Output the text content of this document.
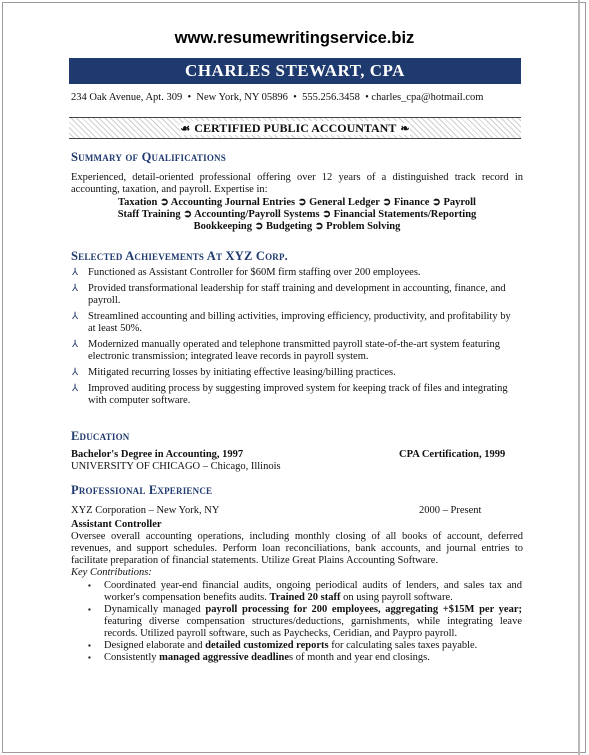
www.resumewritingservice.biz
CHARLES STEWART, CPA
234 Oak Avenue, Apt. 309 • New York, NY 05896 • 555.256.3458 • charles_cpa@hotmail.com
☙ CERTIFIED PUBLIC ACCOUNTANT ❧
Summary of Qualifications
Experienced, detail-oriented professional offering over 12 years of a distinguished track record in accounting, taxation, and payroll. Expertise in:
Taxation ➲ Accounting Journal Entries ➲ General Ledger ➲ Finance ➲ Payroll
Staff Training ➲ Accounting/Payroll Systems ➲ Financial Statements/Reporting
Bookkeeping ➲ Budgeting ➲ Problem Solving
Selected Achievements At XYZ Corp.
⅄ Functioned as Assistant Controller for $60M firm staffing over 200 employees.
⅄ Provided transformational leadership for staff training and development in accounting, finance, and payroll.
⅄ Streamlined accounting and billing activities, improving efficiency, productivity, and profitability by at least 50%.
⅄ Modernized manually operated and telephone transmitted payroll state-of-the-art system featuring electronic transmission; integrated leave records in payroll system.
⅄ Mitigated recurring losses by initiating effective leasing/billing practices.
⅄ Improved auditing process by suggesting improved system for keeping track of files and integrating with computer software.
Education
Bachelor's Degree in Accounting, 1997	CPA Certification, 1999
UNIVERSITY OF CHICAGO – Chicago, Illinois
Professional Experience
XYZ Corporation – New York, NY	2000 – Present
Assistant Controller
Oversee overall accounting operations, including monthly closing of all books of account, deferred revenues, and support schedules. Perform loan reconciliations, bank accounts, and journal entries to facilitate preparation of financial statements. Utilize Great Plains Accounting Software.
Key Contributions:
▪ Coordinated year-end financial audits, ongoing periodical audits of lenders, and sales tax and worker's compensation benefits audits. Trained 20 staff on using payroll software.
▪ Dynamically managed payroll processing for 200 employees, aggregating +$15M per year; featuring diverse compensation structures/deductions, garnishments, while integrating leave records. Utilized payroll software, such as Paychecks, Ceridian, and Paypro payroll.
▪ Designed elaborate and detailed customized reports for calculating sales taxes payable.
▪ Consistently managed aggressive deadlines of month and year end closings.
